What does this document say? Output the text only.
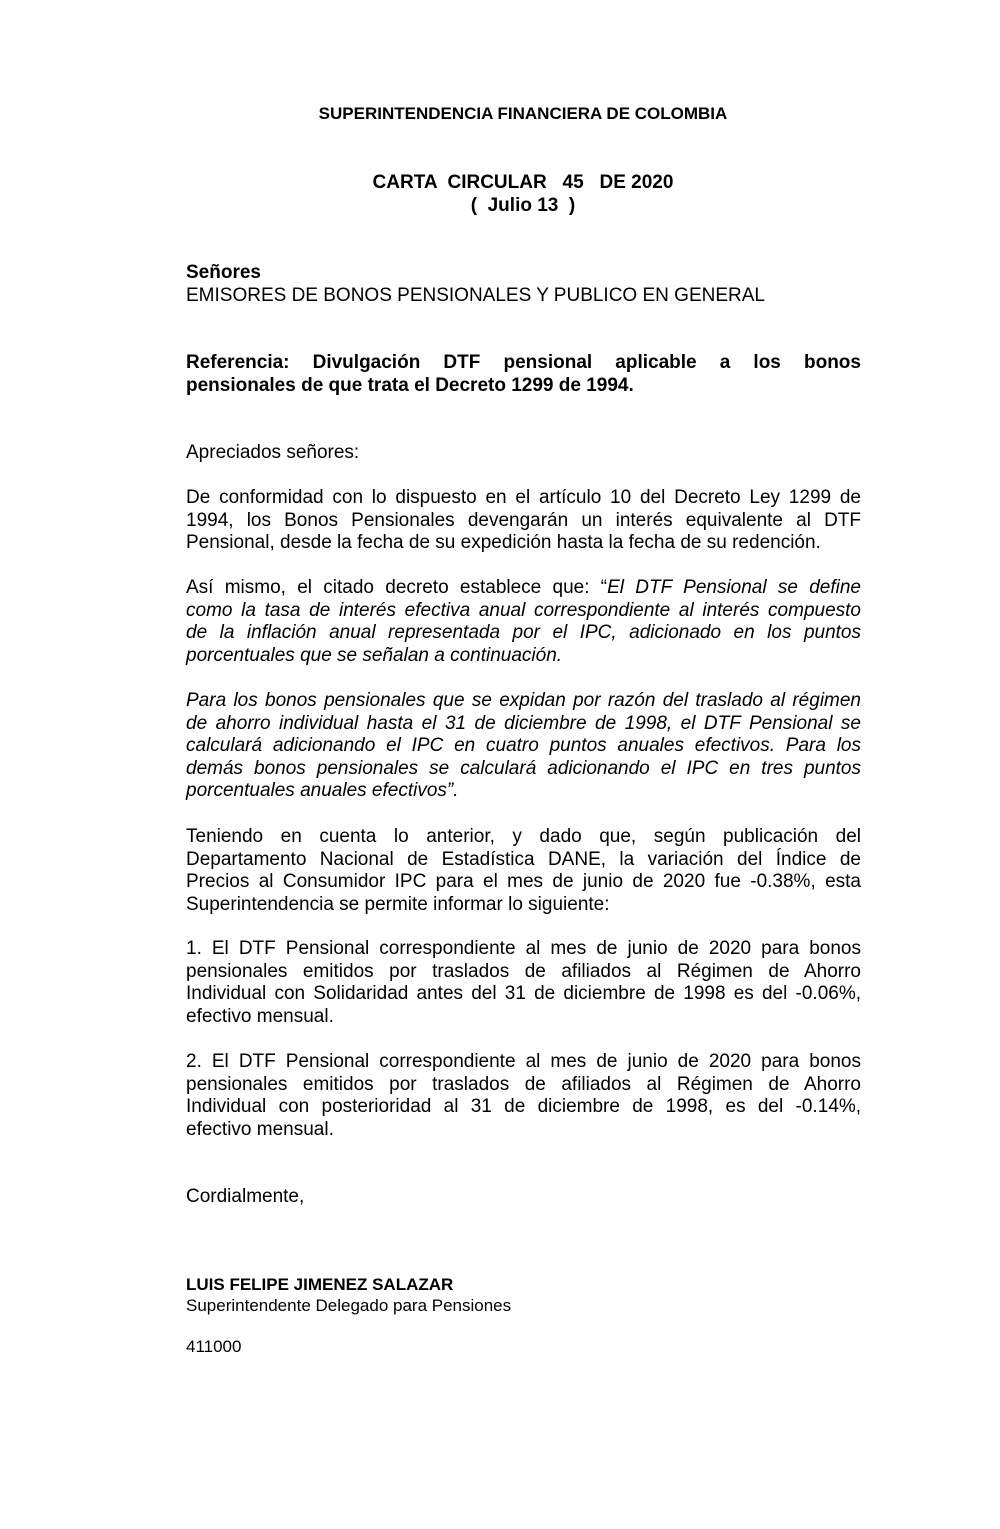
SUPERINTENDENCIA FINANCIERA DE COLOMBIA
CARTA  CIRCULAR   45   DE 2020
(  Julio 13  )
Señores
EMISORES DE BONOS PENSIONALES Y PUBLICO EN GENERAL
Referencia: Divulgación DTF pensional aplicable a los bonos
pensionales de que trata el Decreto 1299 de 1994.
Apreciados señores:
De conformidad con lo dispuesto en el artículo 10 del Decreto Ley 1299 de
1994, los Bonos Pensionales devengarán un interés equivalente al DTF
Pensional, desde la fecha de su expedición hasta la fecha de su redención.
Así mismo, el citado decreto establece que: “El DTF Pensional se define
como la tasa de interés efectiva anual correspondiente al interés compuesto
de la inflación anual representada por el IPC, adicionado en los puntos
porcentuales que se señalan a continuación.
Para los bonos pensionales que se expidan por razón del traslado al régimen
de ahorro individual hasta el 31 de diciembre de 1998, el DTF Pensional se
calculará adicionando el IPC en cuatro puntos anuales efectivos. Para los
demás bonos pensionales se calculará adicionando el IPC en tres puntos
porcentuales anuales efectivos”.
Teniendo en cuenta lo anterior, y dado que, según publicación del
Departamento Nacional de Estadística DANE, la variación del Índice de
Precios al Consumidor IPC para el mes de junio de 2020 fue -0.38%, esta
Superintendencia se permite informar lo siguiente:
1. El DTF Pensional correspondiente al mes de junio de 2020 para bonos
pensionales emitidos por traslados de afiliados al Régimen de Ahorro
Individual con Solidaridad antes del 31 de diciembre de 1998 es del -0.06%,
efectivo mensual.
2. El DTF Pensional correspondiente al mes de junio de 2020 para bonos
pensionales emitidos por traslados de afiliados al Régimen de Ahorro
Individual con posterioridad al 31 de diciembre de 1998, es del -0.14%,
efectivo mensual.
Cordialmente,
LUIS FELIPE JIMENEZ SALAZAR
Superintendente Delegado para Pensiones
411000
